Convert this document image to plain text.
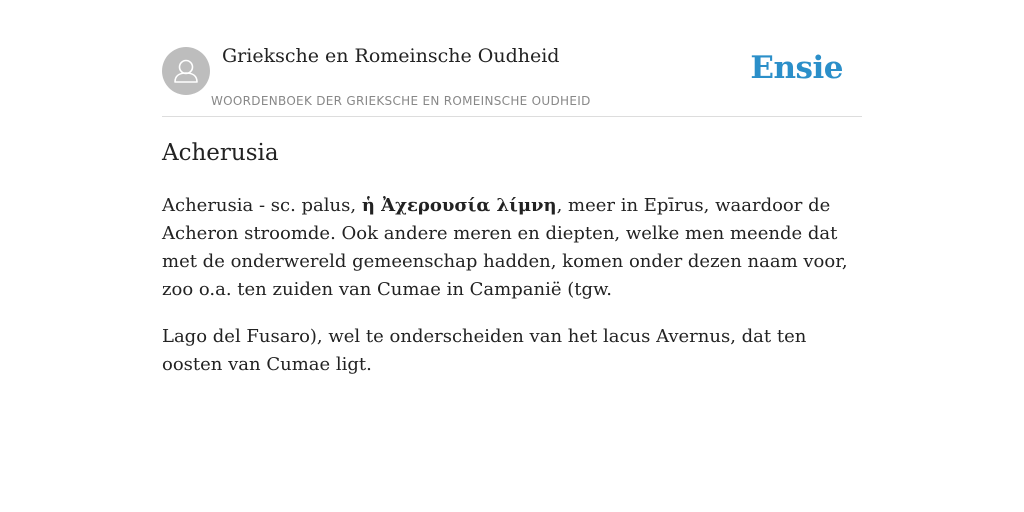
Grieksche en Romeinsche Oudheid
WOORDENBOEK DER GRIEKSCHE EN ROMEINSCHE OUDHEID
Ensie
Acherusia

Acherusia - sc. palus, ἡ Ἀχερουσία λίμνη, meer in Epīrus, waardoor de Acheron stroomde. Ook andere meren en diepten, welke men meende dat met de onderwereld gemeenschap hadden, komen onder dezen naam voor, zoo o.a. ten zuiden van Cumae in Campanië (tgw.

Lago del Fusaro), wel te onderscheiden van het lacus Avernus, dat ten oosten van Cumae ligt.
